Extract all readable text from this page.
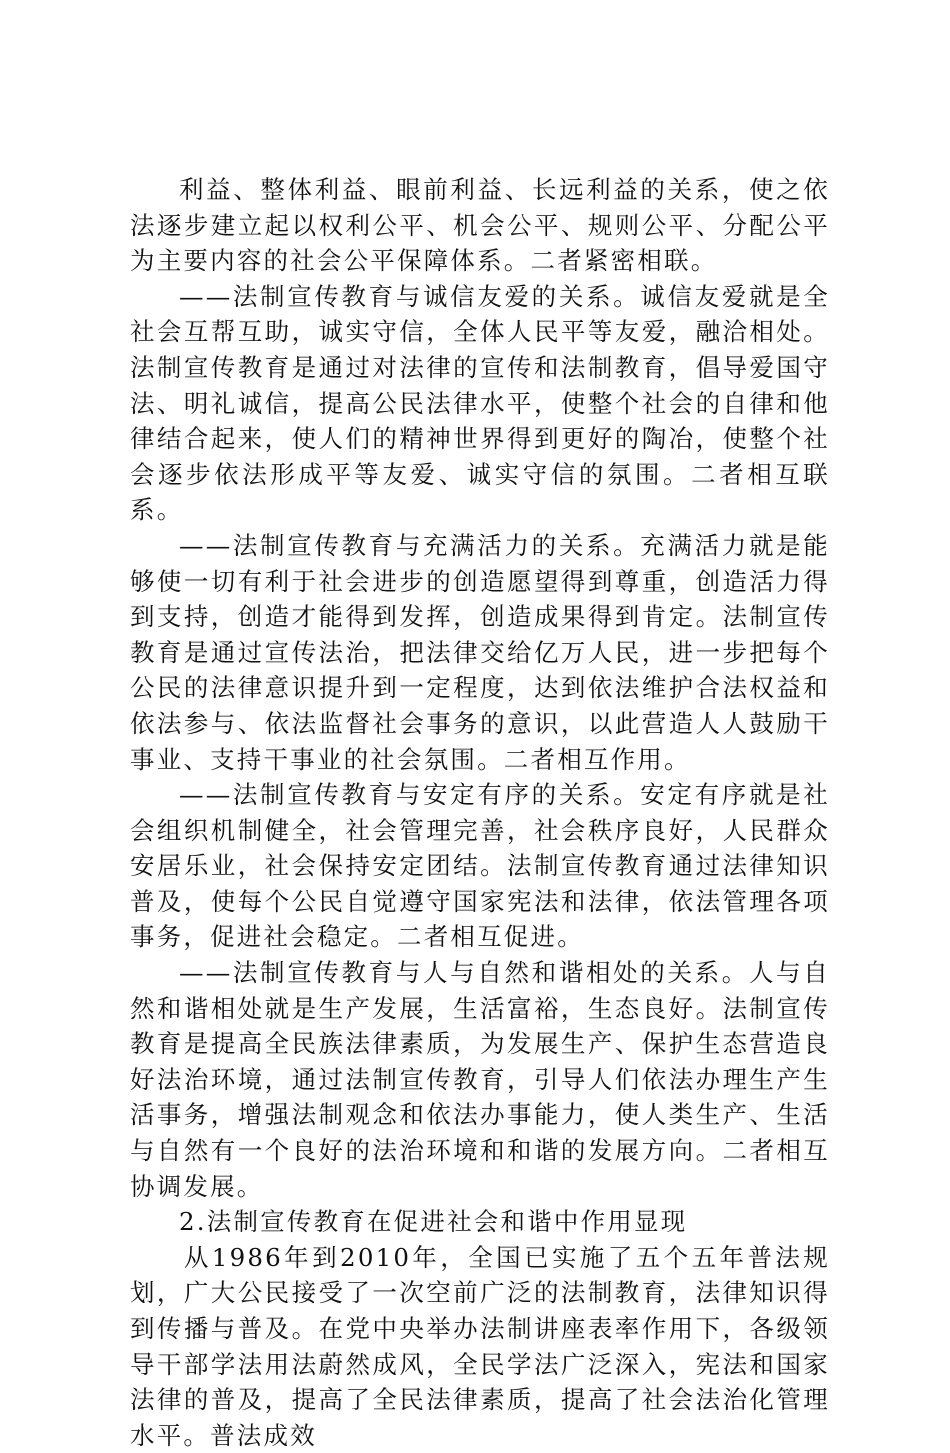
利益、整体利益、眼前利益、长远利益的关系，使之依法逐步建立起以权利公平、机会公平、规则公平、分配公平为主要内容的社会公平保障体系。二者紧密相联。

——法制宣传教育与诚信友爱的关系。诚信友爱就是全社会互帮互助，诚实守信，全体人民平等友爱，融洽相处。法制宣传教育是通过对法律的宣传和法制教育，倡导爱国守法、明礼诚信，提高公民法律水平，使整个社会的自律和他律结合起来，使人们的精神世界得到更好的陶冶，使整个社会逐步依法形成平等友爱、诚实守信的氛围。二者相互联系。

——法制宣传教育与充满活力的关系。充满活力就是能够使一切有利于社会进步的创造愿望得到尊重，创造活力得到支持，创造才能得到发挥，创造成果得到肯定。法制宣传教育是通过宣传法治，把法律交给亿万人民，进一步把每个公民的法律意识提升到一定程度，达到依法维护合法权益和依法参与、依法监督社会事务的意识，以此营造人人鼓励干事业、支持干事业的社会氛围。二者相互作用。

——法制宣传教育与安定有序的关系。安定有序就是社会组织机制健全，社会管理完善，社会秩序良好，人民群众安居乐业，社会保持安定团结。法制宣传教育通过法律知识普及，使每个公民自觉遵守国家宪法和法律，依法管理各项事务，促进社会稳定。二者相互促进。

——法制宣传教育与人与自然和谐相处的关系。人与自然和谐相处就是生产发展，生活富裕，生态良好。法制宣传教育是提高全民族法律素质，为发展生产、保护生态营造良好法治环境，通过法制宣传教育，引导人们依法办理生产生活事务，增强法制观念和依法办事能力，使人类生产、生活与自然有一个良好的法治环境和和谐的发展方向。二者相互协调发展。

2.法制宣传教育在促进社会和谐中作用显现

从1986年到2010年，全国已实施了五个五年普法规划，广大公民接受了一次空前广泛的法制教育，法律知识得到传播与普及。在党中央举办法制讲座表率作用下，各级领导干部学法用法蔚然成风，全民学法广泛深入，宪法和国家法律的普及，提高了全民法律素质，提高了社会法治化管理水平。普法成效
